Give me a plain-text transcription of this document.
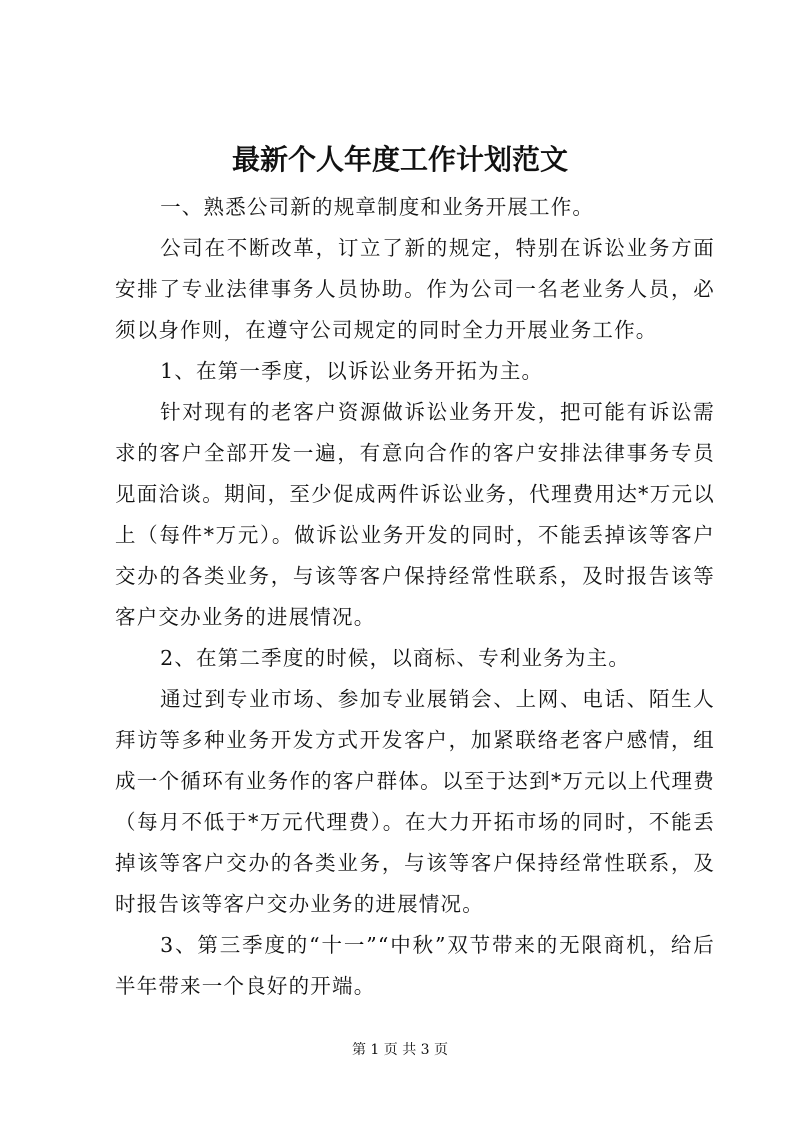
最新个人年度工作计划范文

一、熟悉公司新的规章制度和业务开展工作。

公司在不断改革，订立了新的规定，特别在诉讼业务方面安排了专业法律事务人员协助。作为公司一名老业务人员，必须以身作则，在遵守公司规定的同时全力开展业务工作。

1、在第一季度，以诉讼业务开拓为主。

针对现有的老客户资源做诉讼业务开发，把可能有诉讼需求的客户全部开发一遍，有意向合作的客户安排法律事务专员见面洽谈。期间，至少促成两件诉讼业务，代理费用达*万元以上（每件*万元）。做诉讼业务开发的同时，不能丢掉该等客户交办的各类业务，与该等客户保持经常性联系，及时报告该等客户交办业务的进展情况。

2、在第二季度的时候，以商标、专利业务为主。

通过到专业市场、参加专业展销会、上网、电话、陌生人拜访等多种业务开发方式开发客户，加紧联络老客户感情，组成一个循环有业务作的客户群体。以至于达到*万元以上代理费（每月不低于*万元代理费）。在大力开拓市场的同时，不能丢掉该等客户交办的各类业务，与该等客户保持经常性联系，及时报告该等客户交办业务的进展情况。

3、第三季度的“十一”“中秋”双节带来的无限商机，给后半年带来一个良好的开端。

第 1 页 共 3 页
